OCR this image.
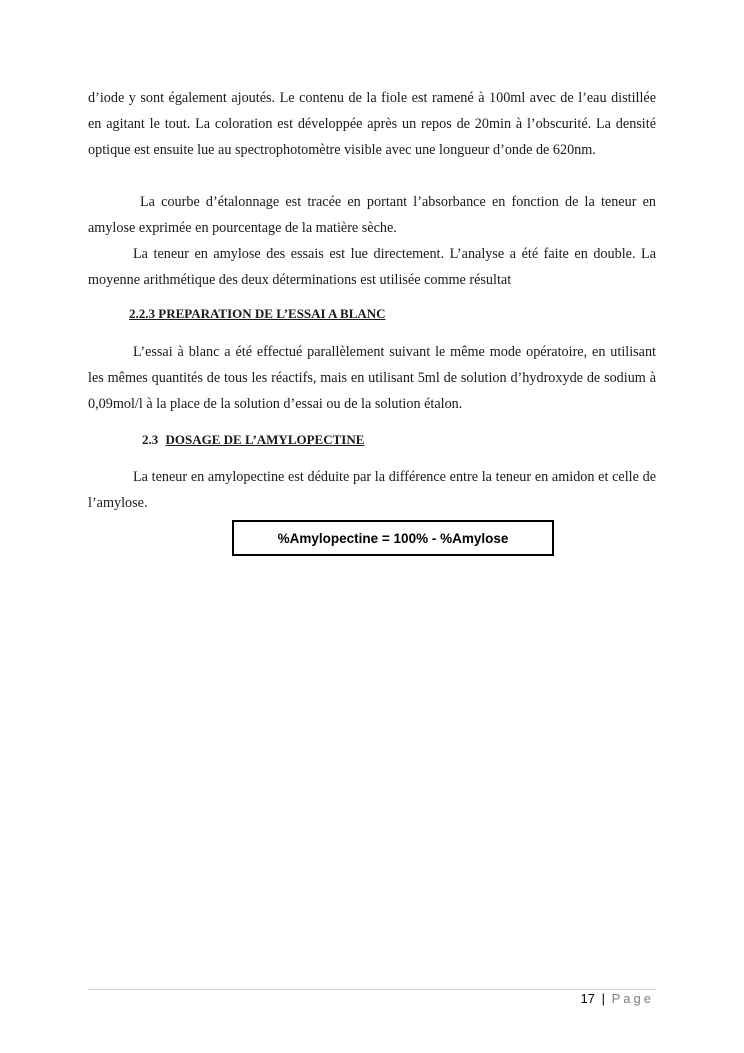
d’iode y sont également ajoutés. Le contenu de la fiole est ramené à 100ml avec de l’eau distillée en agitant le tout. La coloration est développée après un repos de 20min à l’obscurité. La densité optique est ensuite lue au spectrophotomètre visible avec une longueur d’onde de 620nm.

La courbe d’étalonnage est tracée en portant l’absorbance en fonction de la teneur en amylose exprimée en pourcentage de la matière sèche.

La teneur en amylose des essais est lue directement. L’analyse a été faite en double. La moyenne arithmétique des deux déterminations est utilisée comme résultat

2.2.3 PREPARATION DE L’ESSAI A BLANC

L’essai à blanc a été effectué parallèlement suivant le même mode opératoire, en utilisant les mêmes quantités de tous les réactifs, mais en utilisant 5ml de solution d’hydroxyde de sodium à 0,09mol/l à la place de la solution d’essai ou de la solution étalon.

2.3 DOSAGE DE L’AMYLOPECTINE

La teneur en amylopectine est déduite par la différence entre la teneur en amidon et celle de l’amylose.

%Amylopectine = 100% - %Amylose
17 | Page
